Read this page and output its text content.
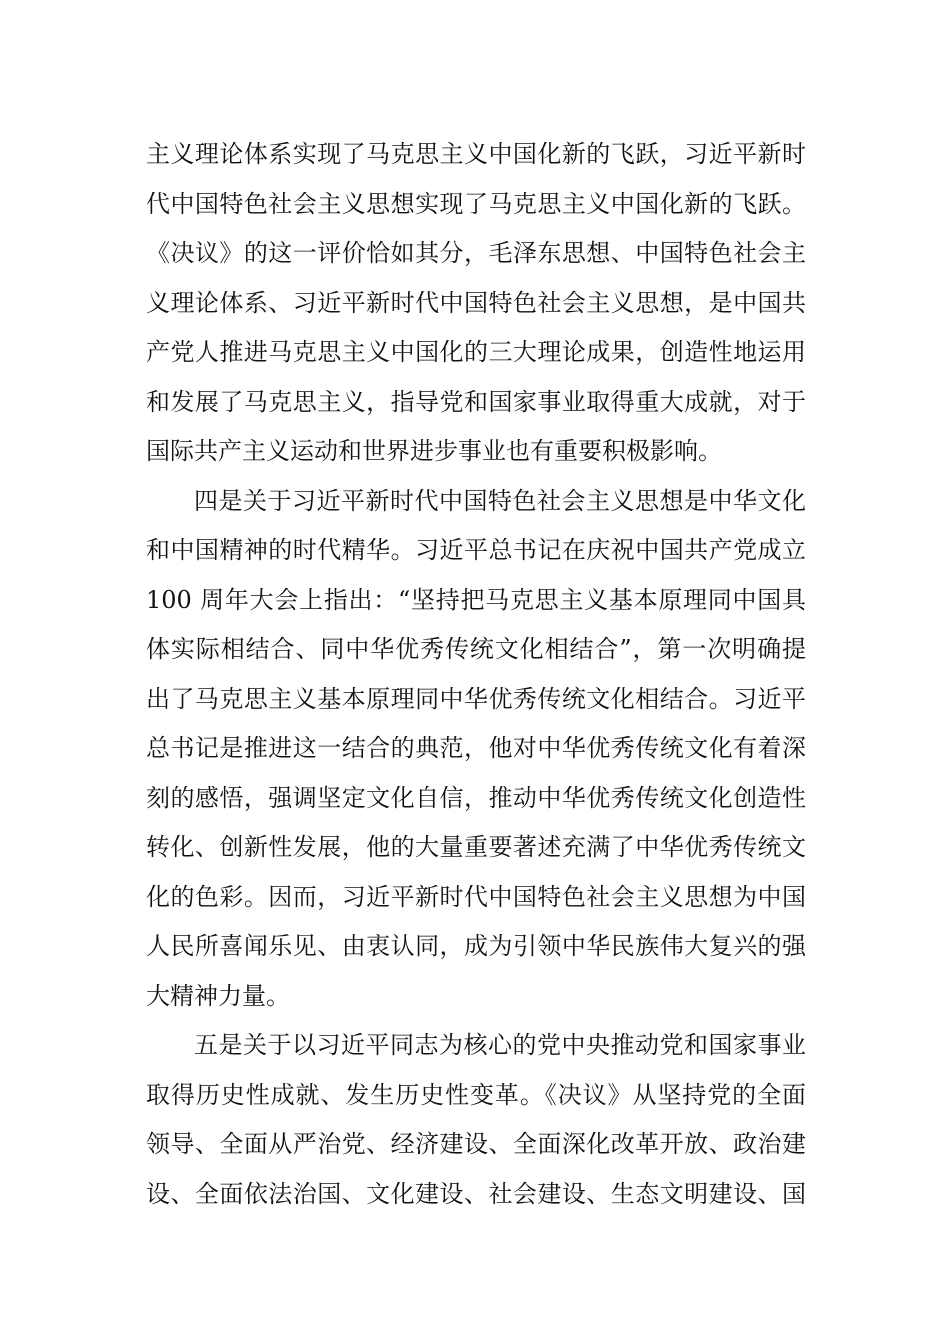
主义理论体系实现了马克思主义中国化新的飞跃，习近平新时
代中国特色社会主义思想实现了马克思主义中国化新的飞跃。
《决议》的这一评价恰如其分，毛泽东思想、中国特色社会主
义理论体系、习近平新时代中国特色社会主义思想，是中国共
产党人推进马克思主义中国化的三大理论成果，创造性地运用
和发展了马克思主义，指导党和国家事业取得重大成就，对于
国际共产主义运动和世界进步事业也有重要积极影响。
四是关于习近平新时代中国特色社会主义思想是中华文化
和中国精神的时代精华。习近平总书记在庆祝中国共产党成立
100 周年大会上指出：“坚持把马克思主义基本原理同中国具
体实际相结合、同中华优秀传统文化相结合”，第一次明确提
出了马克思主义基本原理同中华优秀传统文化相结合。习近平
总书记是推进这一结合的典范，他对中华优秀传统文化有着深
刻的感悟，强调坚定文化自信，推动中华优秀传统文化创造性
转化、创新性发展，他的大量重要著述充满了中华优秀传统文
化的色彩。因而，习近平新时代中国特色社会主义思想为中国
人民所喜闻乐见、由衷认同，成为引领中华民族伟大复兴的强
大精神力量。
五是关于以习近平同志为核心的党中央推动党和国家事业
取得历史性成就、发生历史性变革。《决议》从坚持党的全面
领导、全面从严治党、经济建设、全面深化改革开放、政治建
设、全面依法治国、文化建设、社会建设、生态文明建设、国
